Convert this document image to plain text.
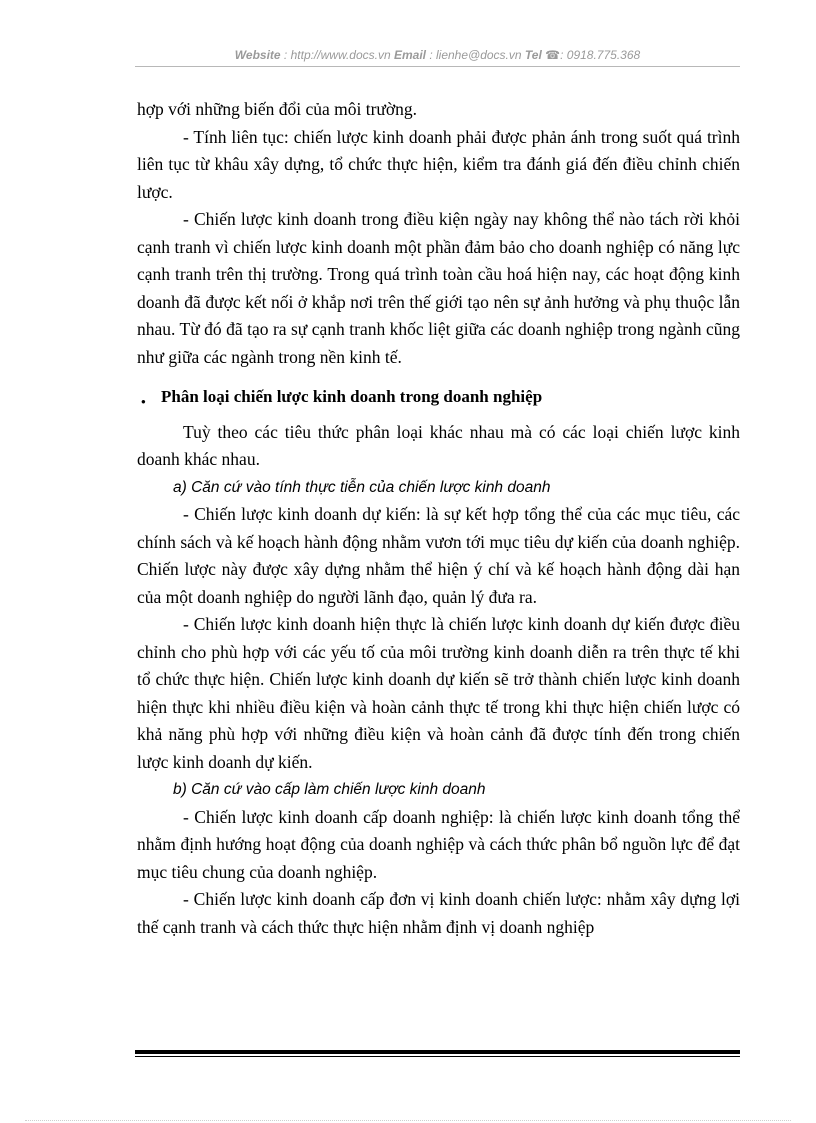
Website : http://www.docs.vn Email : lienhe@docs.vn Tel ☎: 0918.775.368

hợp với những biến đổi của môi trường.

- Tính liên tục: chiến lược kinh doanh phải được phản ánh trong suốt quá trình liên tục từ khâu xây dựng, tổ chức thực hiện, kiểm tra đánh giá đến điều chỉnh chiến lược.

- Chiến lược kinh doanh trong điều kiện ngày nay không thể nào tách rời khỏi cạnh tranh vì chiến lược kinh doanh một phần đảm bảo cho doanh nghiệp có năng lực cạnh tranh trên thị trường. Trong quá trình toàn cầu hoá hiện nay, các hoạt động kinh doanh đã được kết nối ở khắp nơi trên thế giới tạo nên sự ảnh hưởng và phụ thuộc lẫn nhau. Từ đó đã tạo ra sự cạnh tranh khốc liệt giữa các doanh nghiệp trong ngành cũng như giữa các ngành trong nền kinh tế.

• Phân loại chiến lược kinh doanh trong doanh nghiệp

Tuỳ theo các tiêu thức phân loại khác nhau mà có các loại chiến lược kinh doanh khác nhau.

a) Căn cứ vào tính thực tiễn của chiến lược kinh doanh

- Chiến lược kinh doanh dự kiến: là sự kết hợp tổng thể của các mục tiêu, các chính sách và kế hoạch hành động nhằm vươn tới mục tiêu dự kiến của doanh nghiệp. Chiến lược này được xây dựng nhằm thể hiện ý chí và kế hoạch hành động dài hạn của một doanh nghiệp do người lãnh đạo, quản lý đưa ra.

- Chiến lược kinh doanh hiện thực là chiến lược kinh doanh dự kiến được điều chỉnh cho phù hợp với các yếu tố của môi trường kinh doanh diễn ra trên thực tế khi tổ chức thực hiện. Chiến lược kinh doanh dự kiến sẽ trở thành chiến lược kinh doanh hiện thực khi nhiều điều kiện và hoàn cảnh thực tế trong khi thực hiện chiến lược có khả năng phù hợp với những điều kiện và hoàn cảnh đã được tính đến trong chiến lược kinh doanh dự kiến.

b) Căn cứ vào cấp làm chiến lược kinh doanh

- Chiến lược kinh doanh cấp doanh nghiệp: là chiến lược kinh doanh tổng thể nhằm định hướng hoạt động của doanh nghiệp và cách thức phân bổ nguồn lực để đạt mục tiêu chung của doanh nghiệp.

- Chiến lược kinh doanh cấp đơn vị kinh doanh chiến lược: nhằm xây dựng lợi thế cạnh tranh và cách thức thực hiện nhằm định vị doanh nghiệp
